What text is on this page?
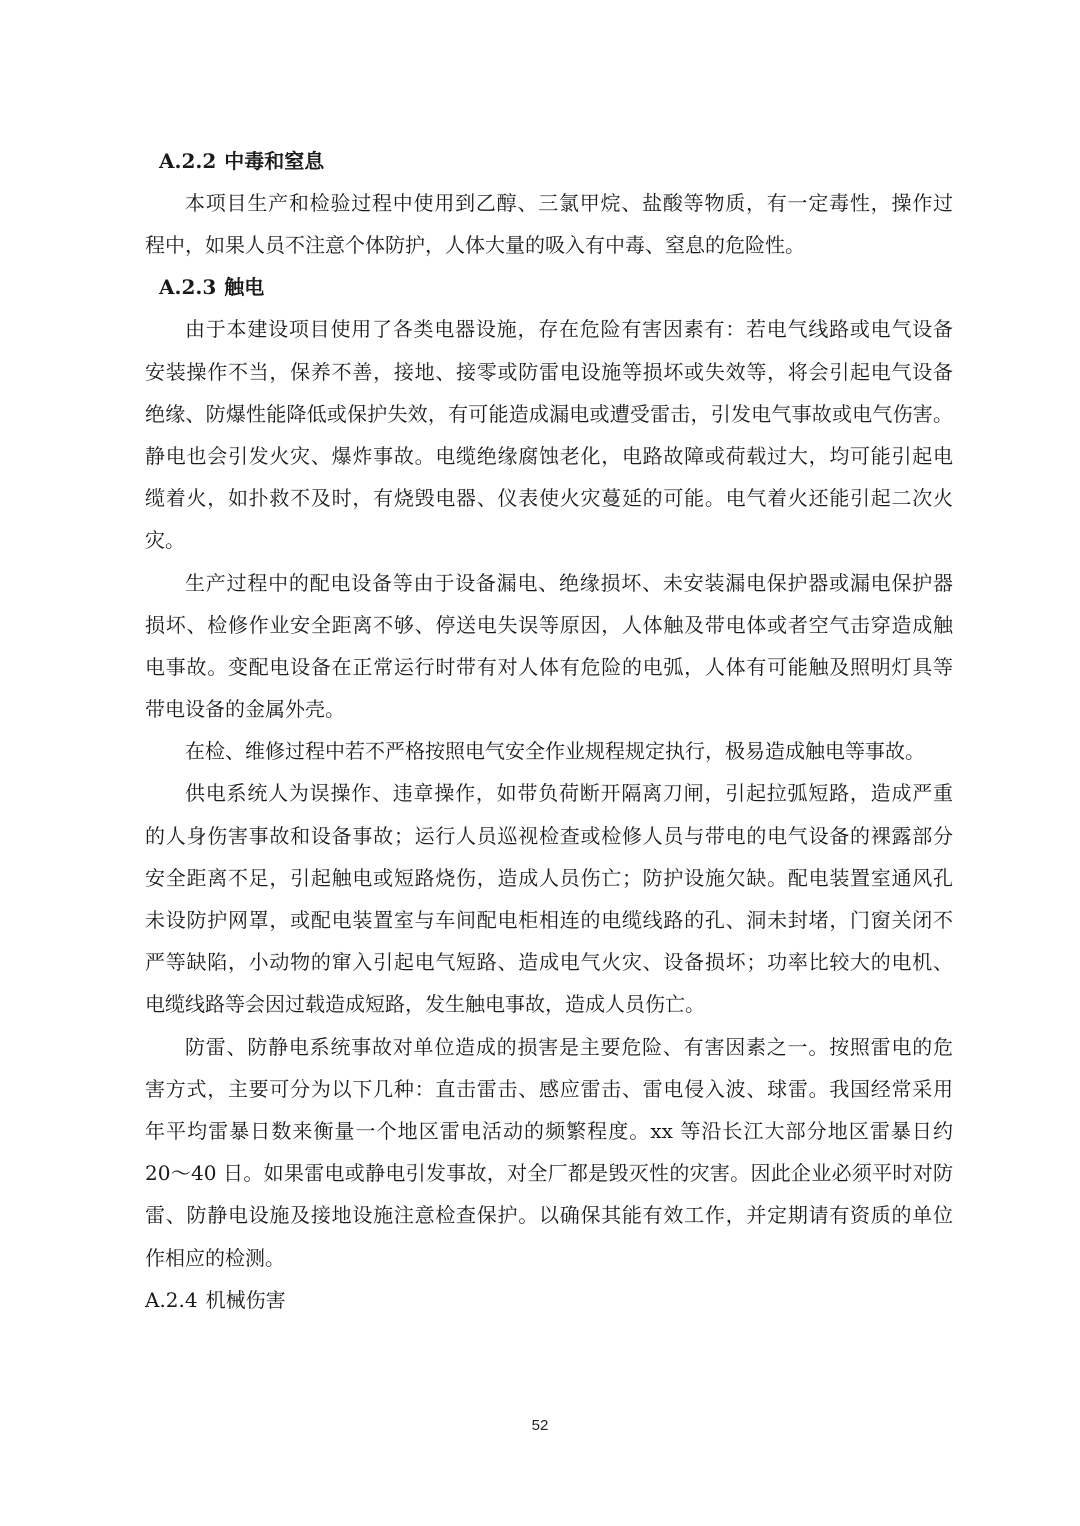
A.2.2 中毒和窒息
本项目生产和检验过程中使用到乙醇、三氯甲烷、盐酸等物质，有一定毒性，操作过
程中，如果人员不注意个体防护，人体大量的吸入有中毒、窒息的危险性。
A.2.3 触电
由于本建设项目使用了各类电器设施，存在危险有害因素有：若电气线路或电气设备
安装操作不当，保养不善，接地、接零或防雷电设施等损坏或失效等，将会引起电气设备
绝缘、防爆性能降低或保护失效，有可能造成漏电或遭受雷击，引发电气事故或电气伤害。
静电也会引发火灾、爆炸事故。电缆绝缘腐蚀老化，电路故障或荷载过大，均可能引起电
缆着火，如扑救不及时，有烧毁电器、仪表使火灾蔓延的可能。电气着火还能引起二次火
灾。
生产过程中的配电设备等由于设备漏电、绝缘损坏、未安装漏电保护器或漏电保护器
损坏、检修作业安全距离不够、停送电失误等原因，人体触及带电体或者空气击穿造成触
电事故。变配电设备在正常运行时带有对人体有危险的电弧，人体有可能触及照明灯具等
带电设备的金属外壳。
在检、维修过程中若不严格按照电气安全作业规程规定执行，极易造成触电等事故。
供电系统人为误操作、违章操作，如带负荷断开隔离刀闸，引起拉弧短路，造成严重
的人身伤害事故和设备事故；运行人员巡视检查或检修人员与带电的电气设备的裸露部分
安全距离不足，引起触电或短路烧伤，造成人员伤亡；防护设施欠缺。配电装置室通风孔
未设防护网罩，或配电装置室与车间配电柜相连的电缆线路的孔、洞未封堵，门窗关闭不
严等缺陷，小动物的窜入引起电气短路、造成电气火灾、设备损坏；功率比较大的电机、
电缆线路等会因过载造成短路，发生触电事故，造成人员伤亡。
防雷、防静电系统事故对单位造成的损害是主要危险、有害因素之一。按照雷电的危
害方式，主要可分为以下几种：直击雷击、感应雷击、雷电侵入波、球雷。我国经常采用
年平均雷暴日数来衡量一个地区雷电活动的频繁程度。xx 等沿长江大部分地区雷暴日约
20～40 日。如果雷电或静电引发事故，对全厂都是毁灭性的灾害。因此企业必须平时对防
雷、防静电设施及接地设施注意检查保护。以确保其能有效工作，并定期请有资质的单位
作相应的检测。
A.2.4 机械伤害
52
